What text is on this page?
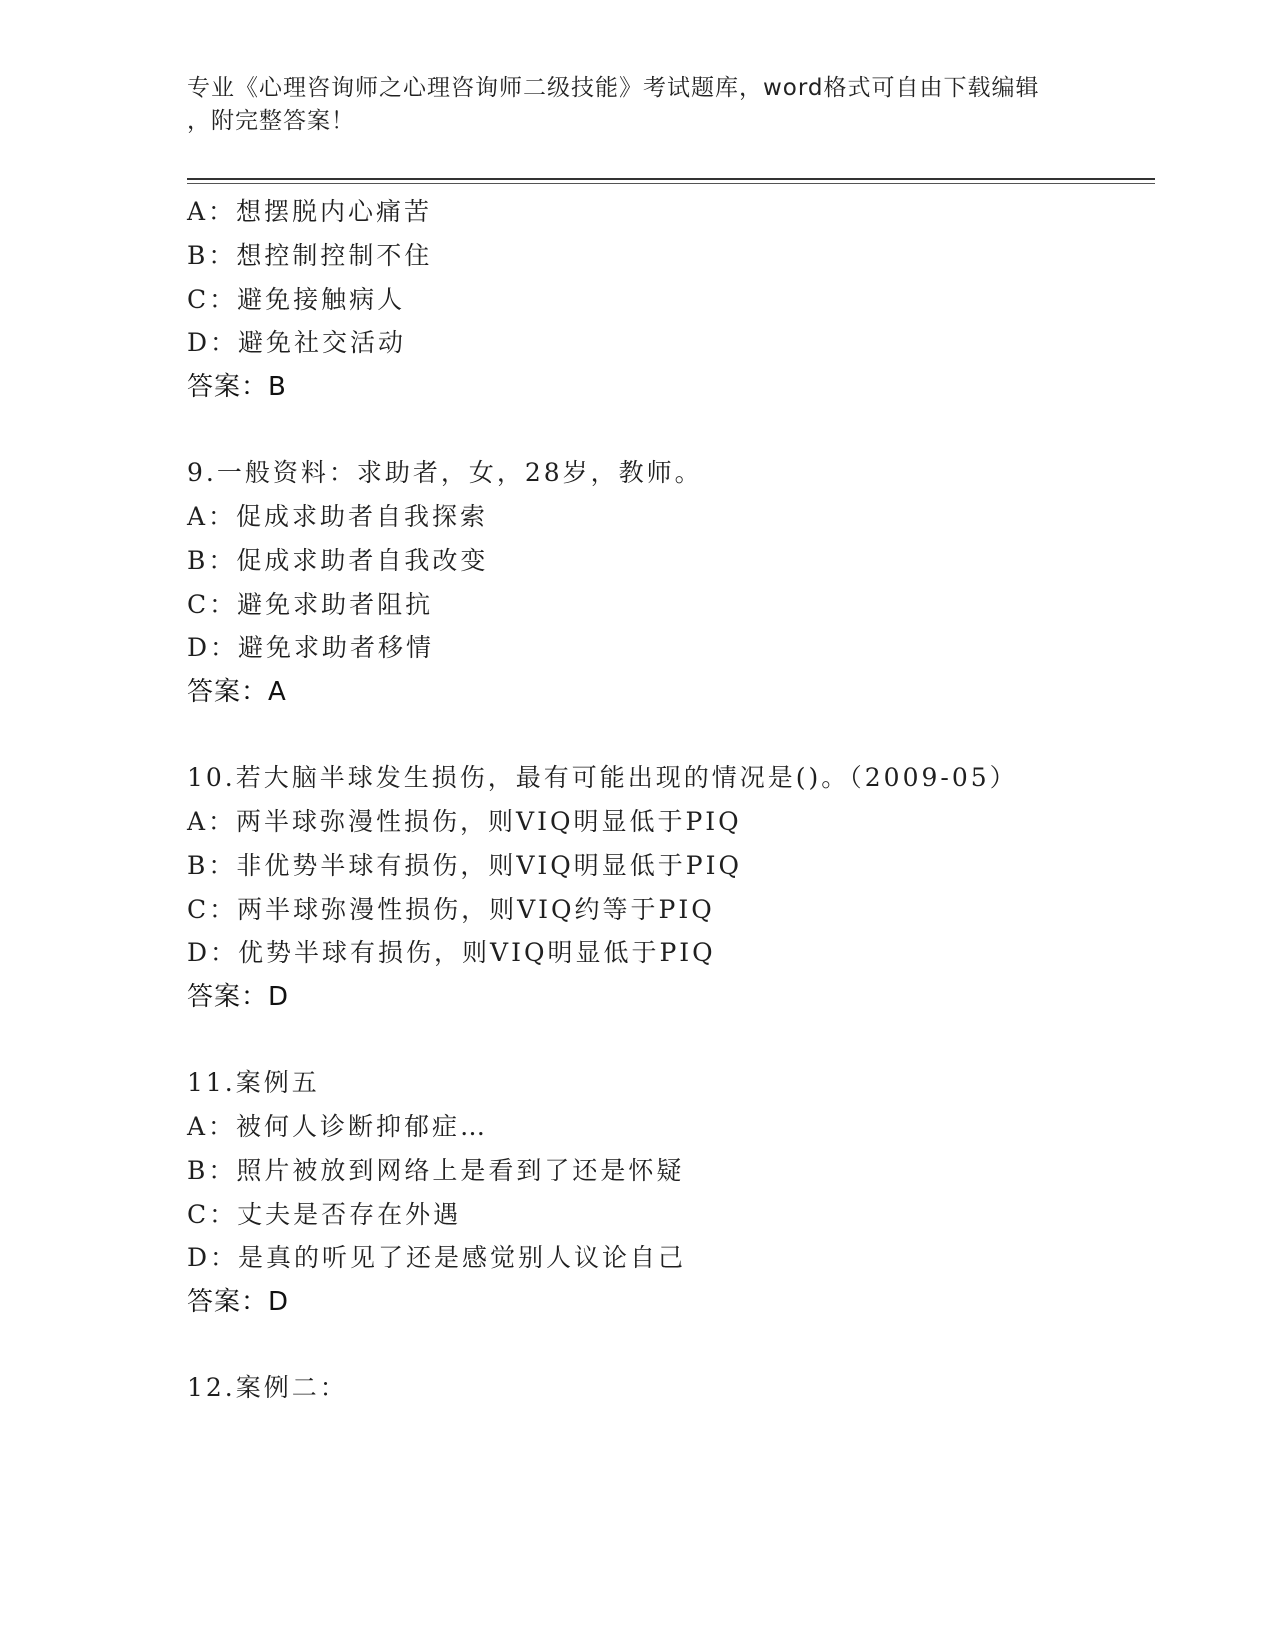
专业《心理咨询师之心理咨询师二级技能》考试题库，word格式可自由下载编辑
，附完整答案！
A：想摆脱内心痛苦
B：想控制控制不住
C：避免接触病人
D：避免社交活动
答案：B
9.一般资料：求助者，女，28岁，教师。
A：促成求助者自我探索
B：促成求助者自我改变
C：避免求助者阻抗
D：避免求助者移情
答案：A
10.若大脑半球发生损伤，最有可能出现的情况是()。（2009-05）
A：两半球弥漫性损伤，则VIQ明显低于PIQ
B：非优势半球有损伤，则VIQ明显低于PIQ
C：两半球弥漫性损伤，则VIQ约等于PIQ
D：优势半球有损伤，则VIQ明显低于PIQ
答案：D
11.案例五
A：被何人诊断抑郁症…
B：照片被放到网络上是看到了还是怀疑
C：丈夫是否存在外遇
D：是真的听见了还是感觉别人议论自己
答案：D
12.案例二：
